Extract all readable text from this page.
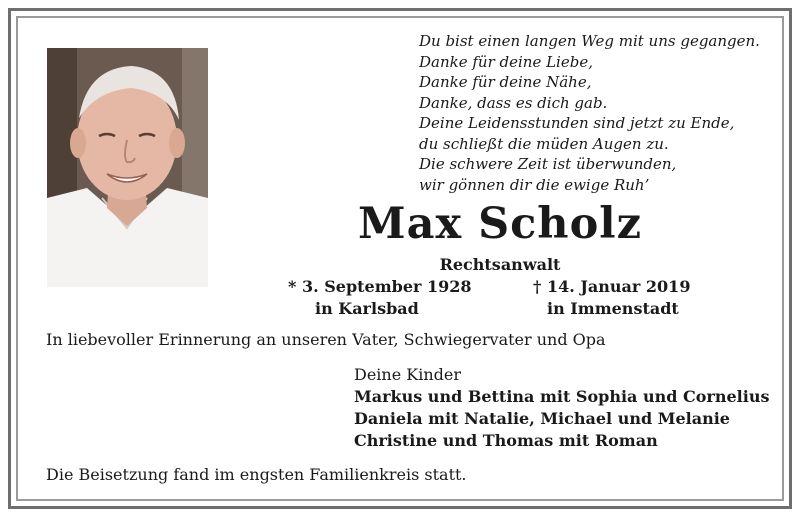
Du bist einen langen Weg mit uns gegangen.
Danke für deine Liebe,
Danke für deine Nähe,
Danke, dass es dich gab.
Deine Leidensstunden sind jetzt zu Ende,
du schließt die müden Augen zu.
Die schwere Zeit ist überwunden,
wir gönnen dir die ewige Ruh’
Max Scholz
Rechtsanwalt
* 3. September 1928
in Karlsbad
† 14. Januar 2019
in Immenstadt
In liebevoller Erinnerung an unseren Vater, Schwiegervater und Opa
Deine Kinder
Markus und Bettina mit Sophia und Cornelius
Daniela mit Natalie, Michael und Melanie
Christine und Thomas mit Roman
Die Beisetzung fand im engsten Familienkreis statt.
